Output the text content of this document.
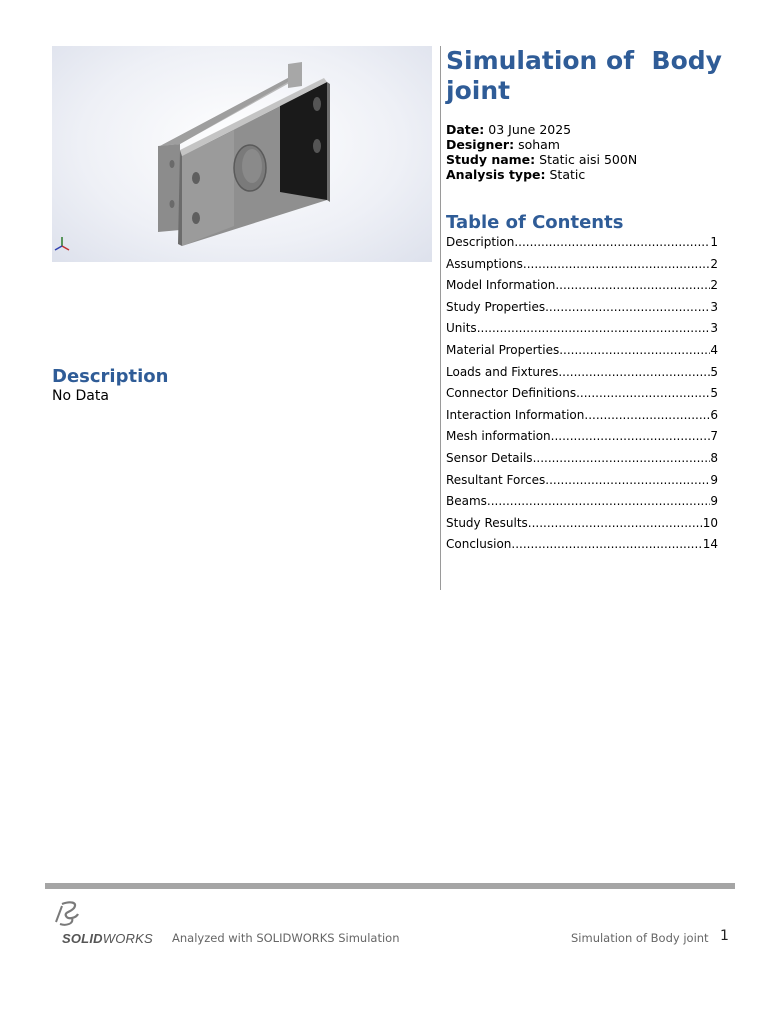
Simulation of  Body joint
Date: 03 June 2025
Designer: soham
Study name: Static aisi 500N
Analysis type: Static
Table of Contents
Description .....	1
Assumptions .....	2
Model Information .....	2
Study Properties .....	3
Units .....	3
Material Properties .....	4
Loads and Fixtures .....	5
Connector Definitions .....	5
Interaction Information .....	6
Mesh information .....	7
Sensor Details .....	8
Resultant Forces .....	9
Beams .....	9
Study Results .....	10
Conclusion .....	14
Description
No Data
SOLIDWORKS Analyzed with SOLIDWORKS Simulation	Simulation of Body joint 1
